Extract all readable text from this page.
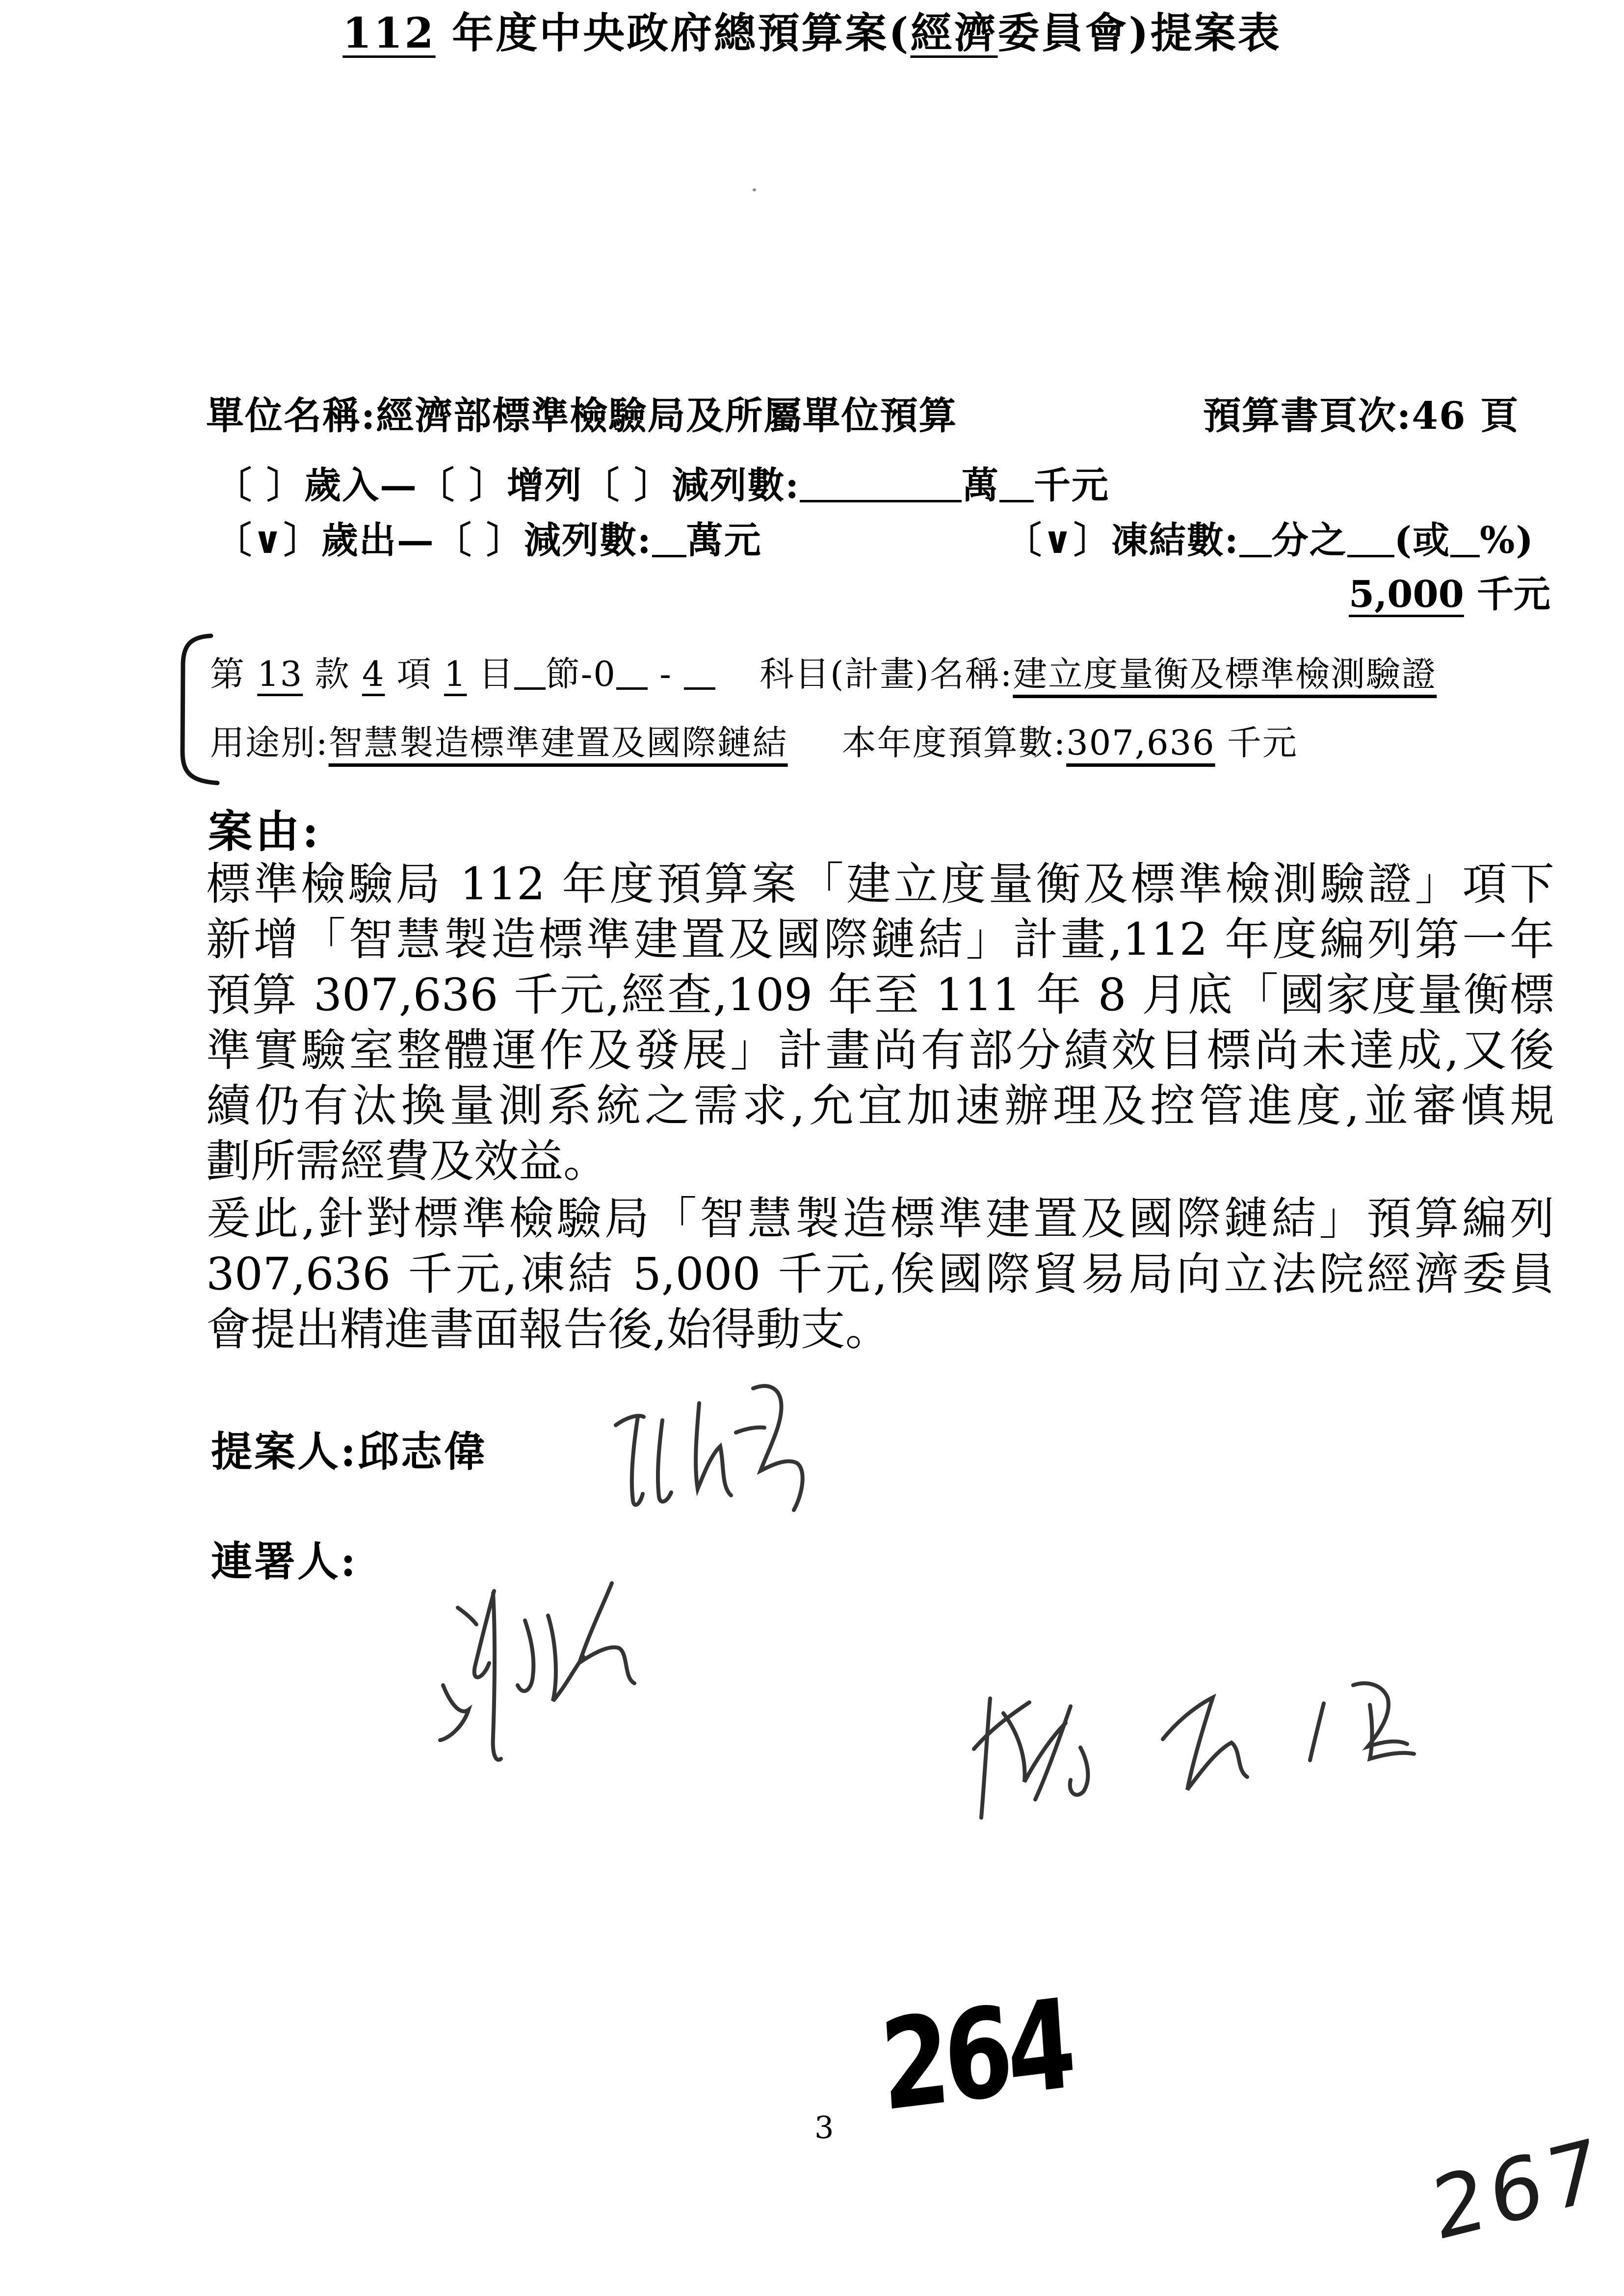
112 年度中央政府總預算案(經濟委員會)提案表
單位名稱:經濟部標準檢驗局及所屬單位預算	預算書頁次:46 頁
〔 〕歲入—〔 〕增列〔 〕減列數:	萬 千元
〔∨〕歲出—〔 〕減列數: 萬元	〔∨〕凍結數: 分之 (或 %)
5,000 千元
第 13 款 4 項 1 目 節-0 - 科目(計畫)名稱:建立度量衡及標準檢測驗證
用途別:智慧製造標準建置及國際鏈結 本年度預算數:307,636 千元
案由:
標準檢驗局 112 年度預算案「建立度量衡及標準檢測驗證」項下
新增「智慧製造標準建置及國際鏈結」計畫,112 年度編列第一年
預算 307,636 千元,經查,109 年至 111 年 8 月底「國家度量衡標
準實驗室整體運作及發展」計畫尚有部分績效目標尚未達成,又後
續仍有汰換量測系統之需求,允宜加速辦理及控管進度,並審慎規
劃所需經費及效益。
爰此,針對標準檢驗局「智慧製造標準建置及國際鏈結」預算編列
307,636 千元,凍結 5,000 千元,俟國際貿易局向立法院經濟委員
會提出精進書面報告後,始得動支。
提案人:邱志偉
連署人:
3 264
267
